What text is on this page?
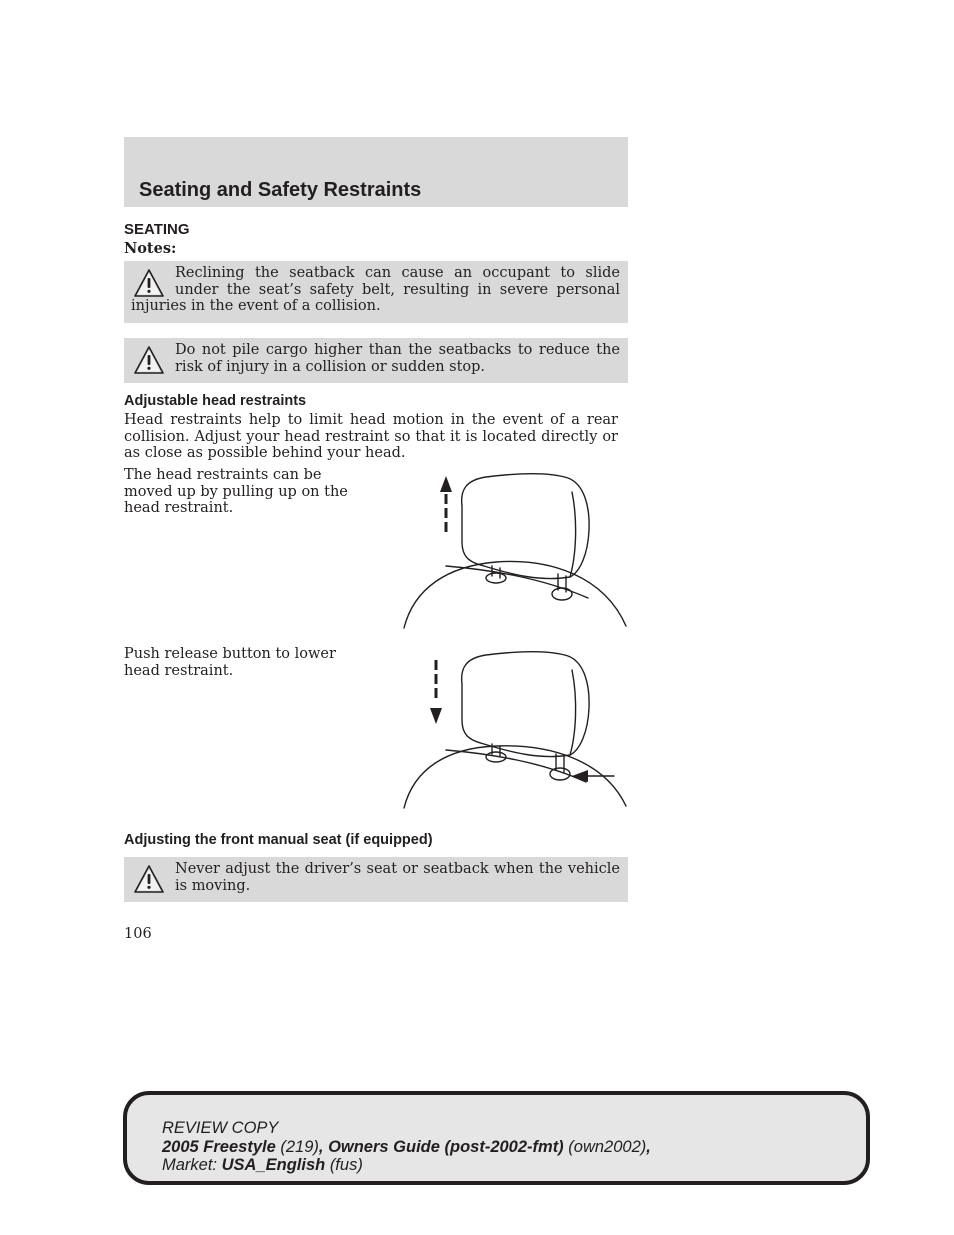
Seating and Safety Restraints
SEATING
Notes:
Reclining the seatback can cause an occupant to slide under the seat’s safety belt, resulting in severe personal injuries in the event of a collision.
Do not pile cargo higher than the seatbacks to reduce the risk of injury in a collision or sudden stop.
Adjustable head restraints
Head restraints help to limit head motion in the event of a rear collision. Adjust your head restraint so that it is located directly or as close as possible behind your head.
The head restraints can be moved up by pulling up on the head restraint.
Push release button to lower head restraint.
Adjusting the front manual seat (if equipped)
Never adjust the driver’s seat or seatback when the vehicle is moving.
106
REVIEW COPY
2005 Freestyle (219), Owners Guide (post-2002-fmt) (own2002),
Market: USA_English (fus)
